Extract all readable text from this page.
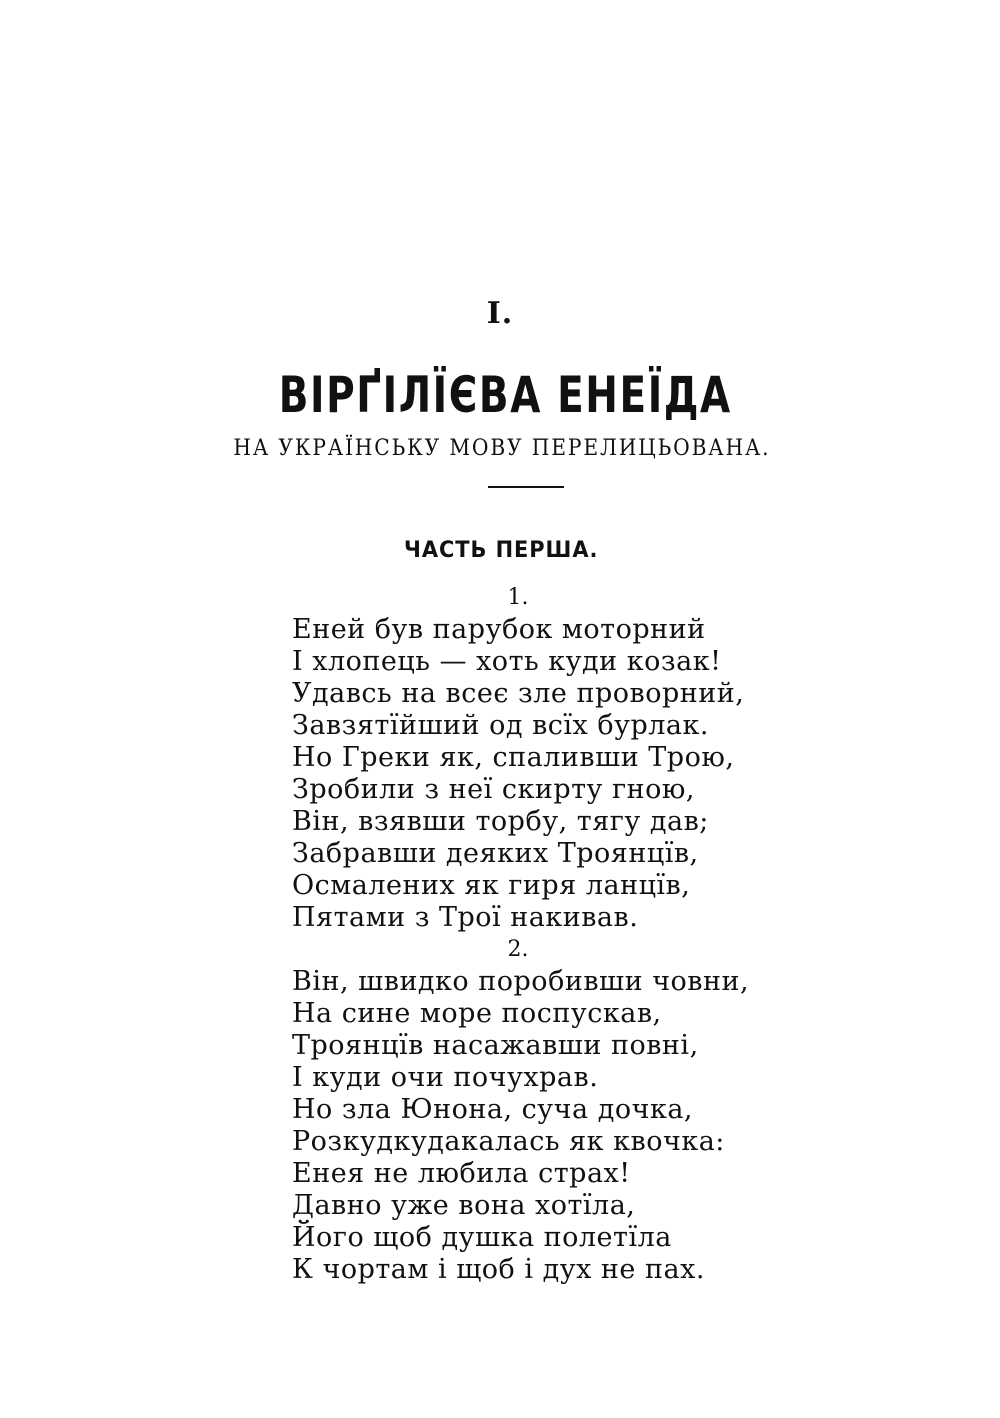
I.
ВІРҐІЛЇЄВА ЕНЕЇДА
НА УКРАЇНСЬКУ МОВУ ПЕРЕЛИЦЬОВАНА.
ЧАСТЬ ПЕРША.
1.
Еней був парубок моторний
І хлопець — хоть куди козак!
Удавсь на всеє зле проворний,
Завзятїйший од всїх бурлак.
Но Греки як, спаливши Трою,
Зробили з неї скирту гною,
Він, взявши торбу, тягу дав;
Забравши деяких Троянцїв,
Осмалених як гиря ланцїв,
Пятами з Трої накивав.
2.
Він, швидко поробивши човни,
На сине море поспускав,
Троянцїв насажавши повні,
І куди очи почухрав.
Но зла Юнона, суча дочка,
Розкудкудакалась як квочка:
Енея не любила страх!
Давно уже вона хотїла,
Його щоб душка полетїла
К чортам і щоб і дух не пах.
